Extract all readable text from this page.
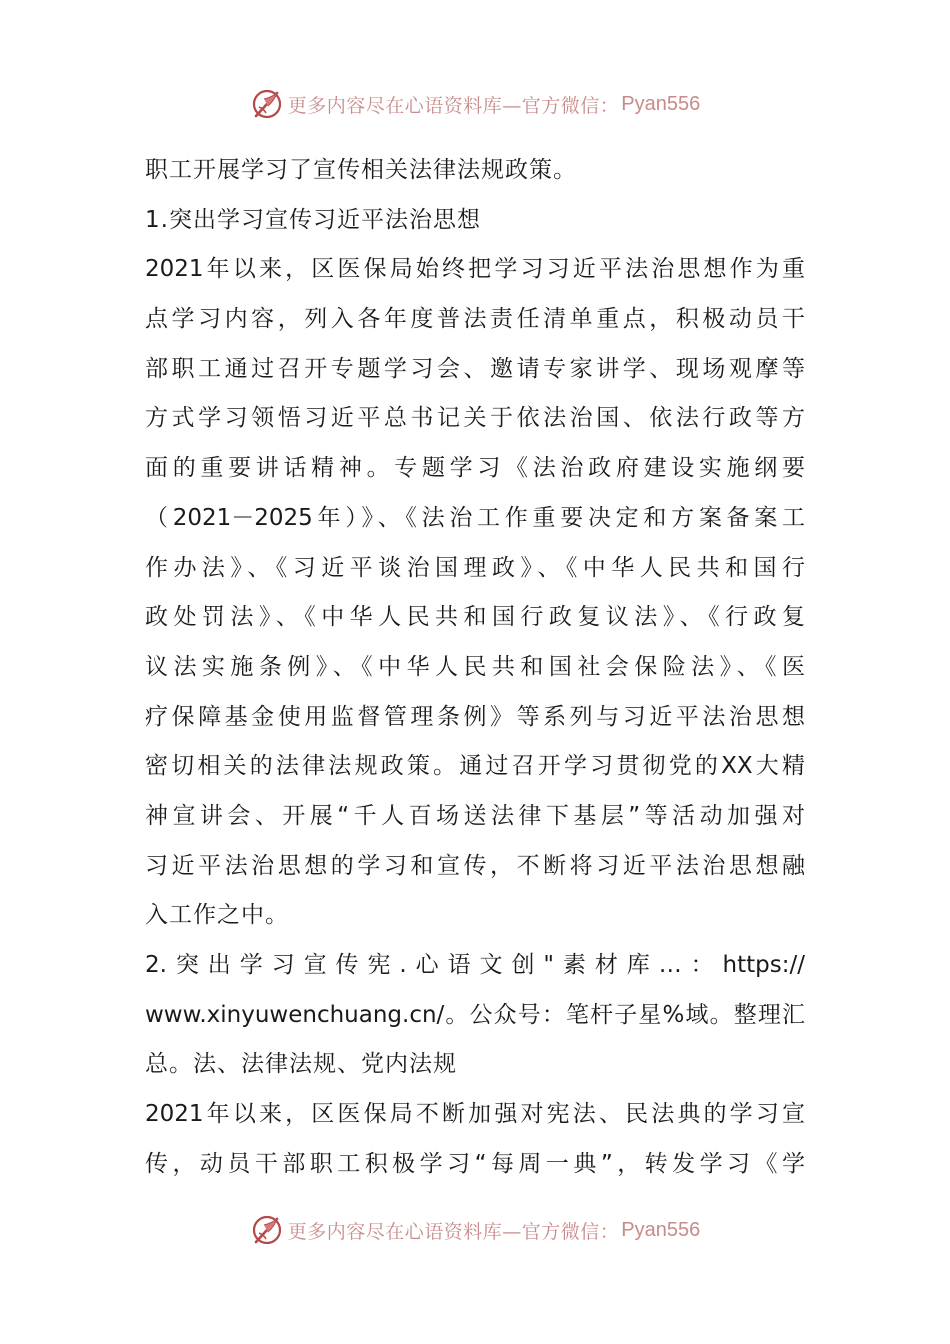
更多内容尽在心语资料库—官方微信： Pyan556
职工开展学习了宣传相关法律法规政策。
1.突出学习宣传习近平法治思想
2021年以来，区医保局始终把学习习近平法治思想作为重
点学习内容，列入各年度普法责任清单重点，积极动员干
部职工通过召开专题学习会、邀请专家讲学、现场观摩等
方式学习领悟习近平总书记关于依法治国、依法行政等方
面的重要讲话精神。专题学习《法治政府建设实施纲要
（2021－2025年）》、《法治工作重要决定和方案备案工
作办法》、《习近平谈治国理政》、《中华人民共和国行
政处罚法》、《中华人民共和国行政复议法》、《行政复
议法实施条例》、《中华人民共和国社会保险法》、《医
疗保障基金使用监督管理条例》等系列与习近平法治思想
密切相关的法律法规政策。通过召开学习贯彻党的XX大精
神宣讲会、开展“千人百场送法律下基层”等活动加强对
习近平法治思想的学习和宣传，不断将习近平法治思想融
入工作之中。
2.突出学习宣传宪.心语文创"素材库…：https://
www.xinyuwenchuang.cn/。公众号：笔杆子星%域。整理汇
总。法、法律法规、党内法规
2021年以来，区医保局不断加强对宪法、民法典的学习宣
传，动员干部职工积极学习“每周一典”，转发学习《学
更多内容尽在心语资料库—官方微信： Pyan556
